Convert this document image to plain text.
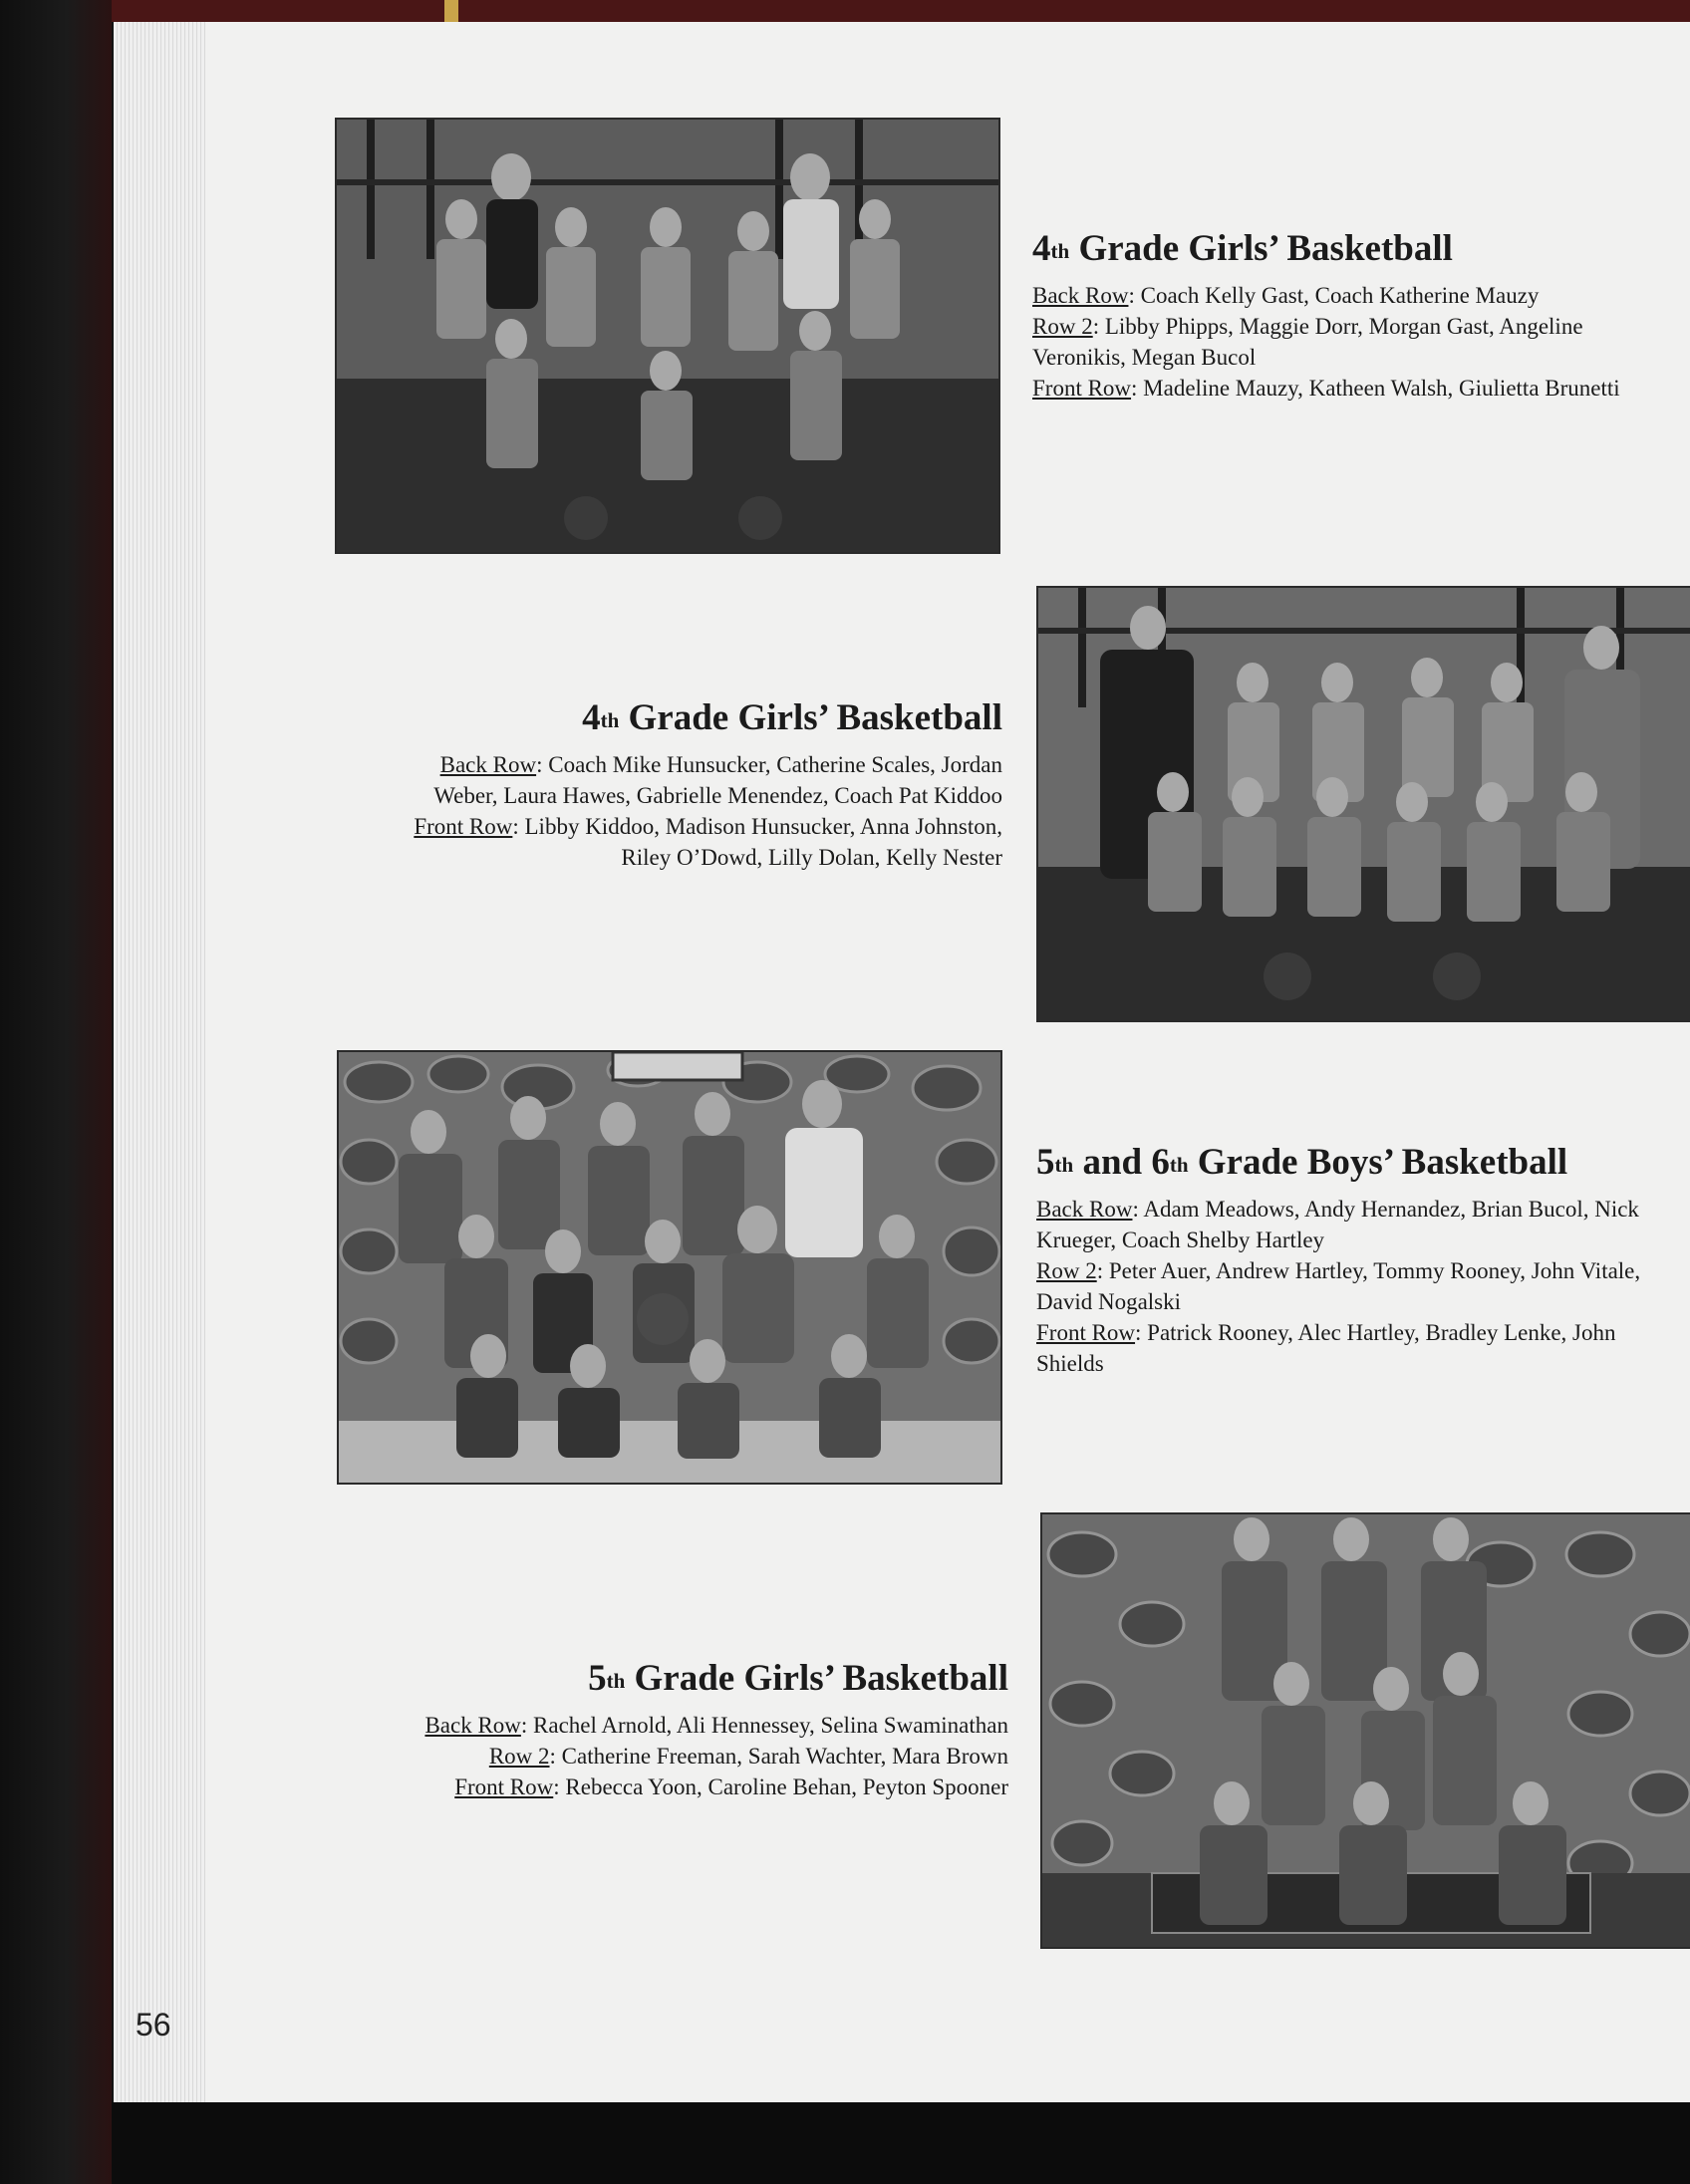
4th Grade Girls’ Basketball

Back Row: Coach Kelly Gast, Coach Katherine Mauzy

Row 2: Libby Phipps, Maggie Dorr, Morgan Gast, Angeline Veronikis, Megan Bucol

Front Row: Madeline Mauzy, Katheen Walsh, Giulietta Brunetti

4th Grade Girls’ Basketball

Back Row: Coach Mike Hunsucker, Catherine Scales, Jordan Weber, Laura Hawes, Gabrielle Menendez, Coach Pat Kiddoo

Front Row: Libby Kiddoo, Madison Hunsucker, Anna Johnston, Riley O’Dowd, Lilly Dolan, Kelly Nester

5th and 6th Grade Boys’ Basketball

Back Row: Adam Meadows, Andy Hernandez, Brian Bucol, Nick Krueger, Coach Shelby Hartley

Row 2: Peter Auer, Andrew Hartley, Tommy Rooney, John Vitale, David Nogalski

Front Row: Patrick Rooney, Alec Hartley, Bradley Lenke, John Shields

5th Grade Girls’ Basketball

Back Row: Rachel Arnold, Ali Hennessey, Selina Swaminathan

Row 2: Catherine Freeman, Sarah Wachter, Mara Brown

Front Row: Rebecca Yoon, Caroline Behan, Peyton Spooner

56
